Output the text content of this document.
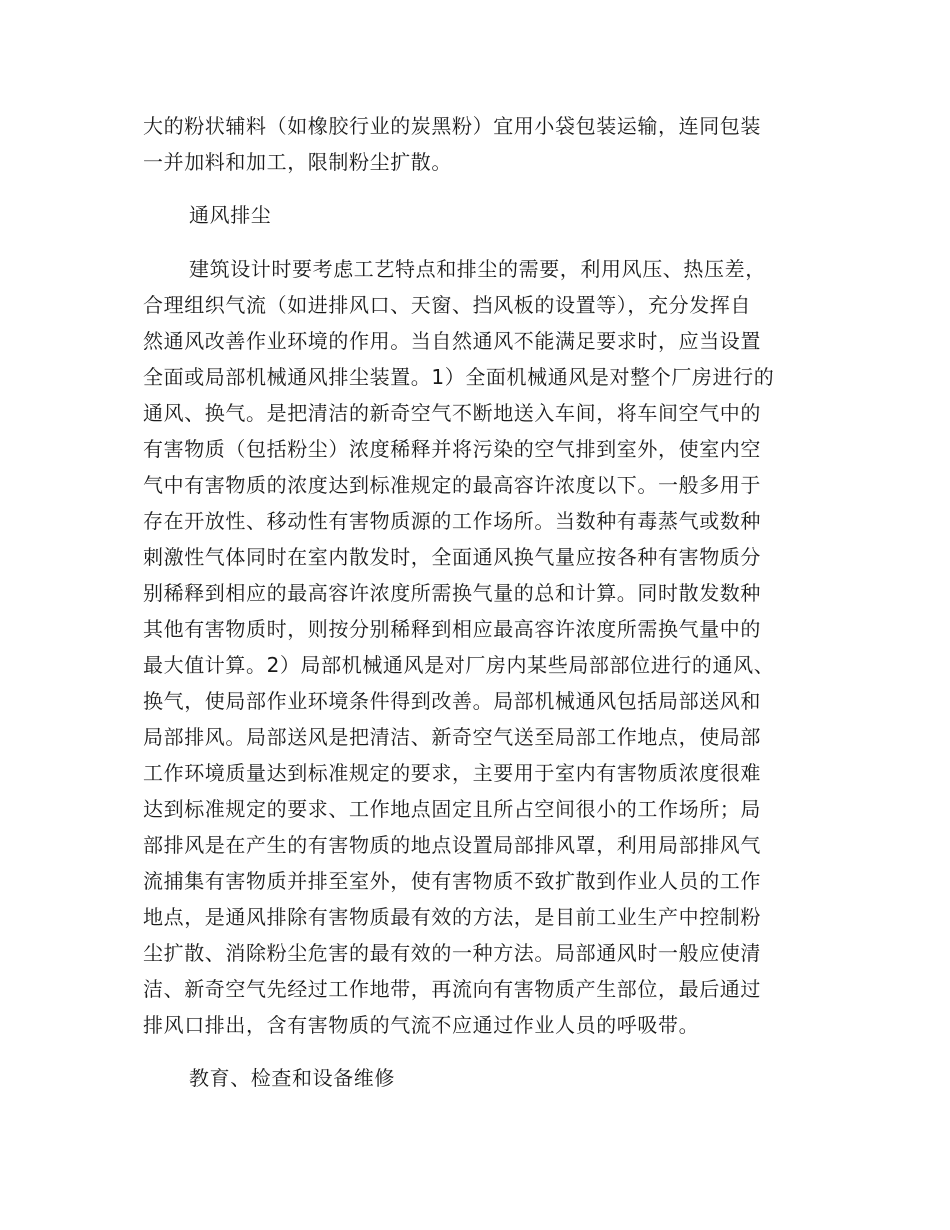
大的粉状辅料（如橡胶行业的炭黑粉）宜用小袋包装运输，连同包装
一并加料和加工，限制粉尘扩散。
通风排尘
建筑设计时要考虑工艺特点和排尘的需要，利用风压、热压差，
合理组织气流（如进排风口、天窗、挡风板的设置等），充分发挥自
然通风改善作业环境的作用。当自然通风不能满足要求时，应当设置
全面或局部机械通风排尘装置。1）全面机械通风是对整个厂房进行的
通风、换气。是把清洁的新奇空气不断地送入车间，将车间空气中的
有害物质（包括粉尘）浓度稀释并将污染的空气排到室外，使室内空
气中有害物质的浓度达到标准规定的最高容许浓度以下。一般多用于
存在开放性、移动性有害物质源的工作场所。当数种有毒蒸气或数种
刺激性气体同时在室内散发时，全面通风换气量应按各种有害物质分
别稀释到相应的最高容许浓度所需换气量的总和计算。同时散发数种
其他有害物质时，则按分别稀释到相应最高容许浓度所需换气量中的
最大值计算。2）局部机械通风是对厂房内某些局部部位进行的通风、
换气，使局部作业环境条件得到改善。局部机械通风包括局部送风和
局部排风。局部送风是把清洁、新奇空气送至局部工作地点，使局部
工作环境质量达到标准规定的要求，主要用于室内有害物质浓度很难
达到标准规定的要求、工作地点固定且所占空间很小的工作场所；局
部排风是在产生的有害物质的地点设置局部排风罩，利用局部排风气
流捕集有害物质并排至室外，使有害物质不致扩散到作业人员的工作
地点，是通风排除有害物质最有效的方法，是目前工业生产中控制粉
尘扩散、消除粉尘危害的最有效的一种方法。局部通风时一般应使清
洁、新奇空气先经过工作地带，再流向有害物质产生部位，最后通过
排风口排出，含有害物质的气流不应通过作业人员的呼吸带。
教育、检查和设备维修
